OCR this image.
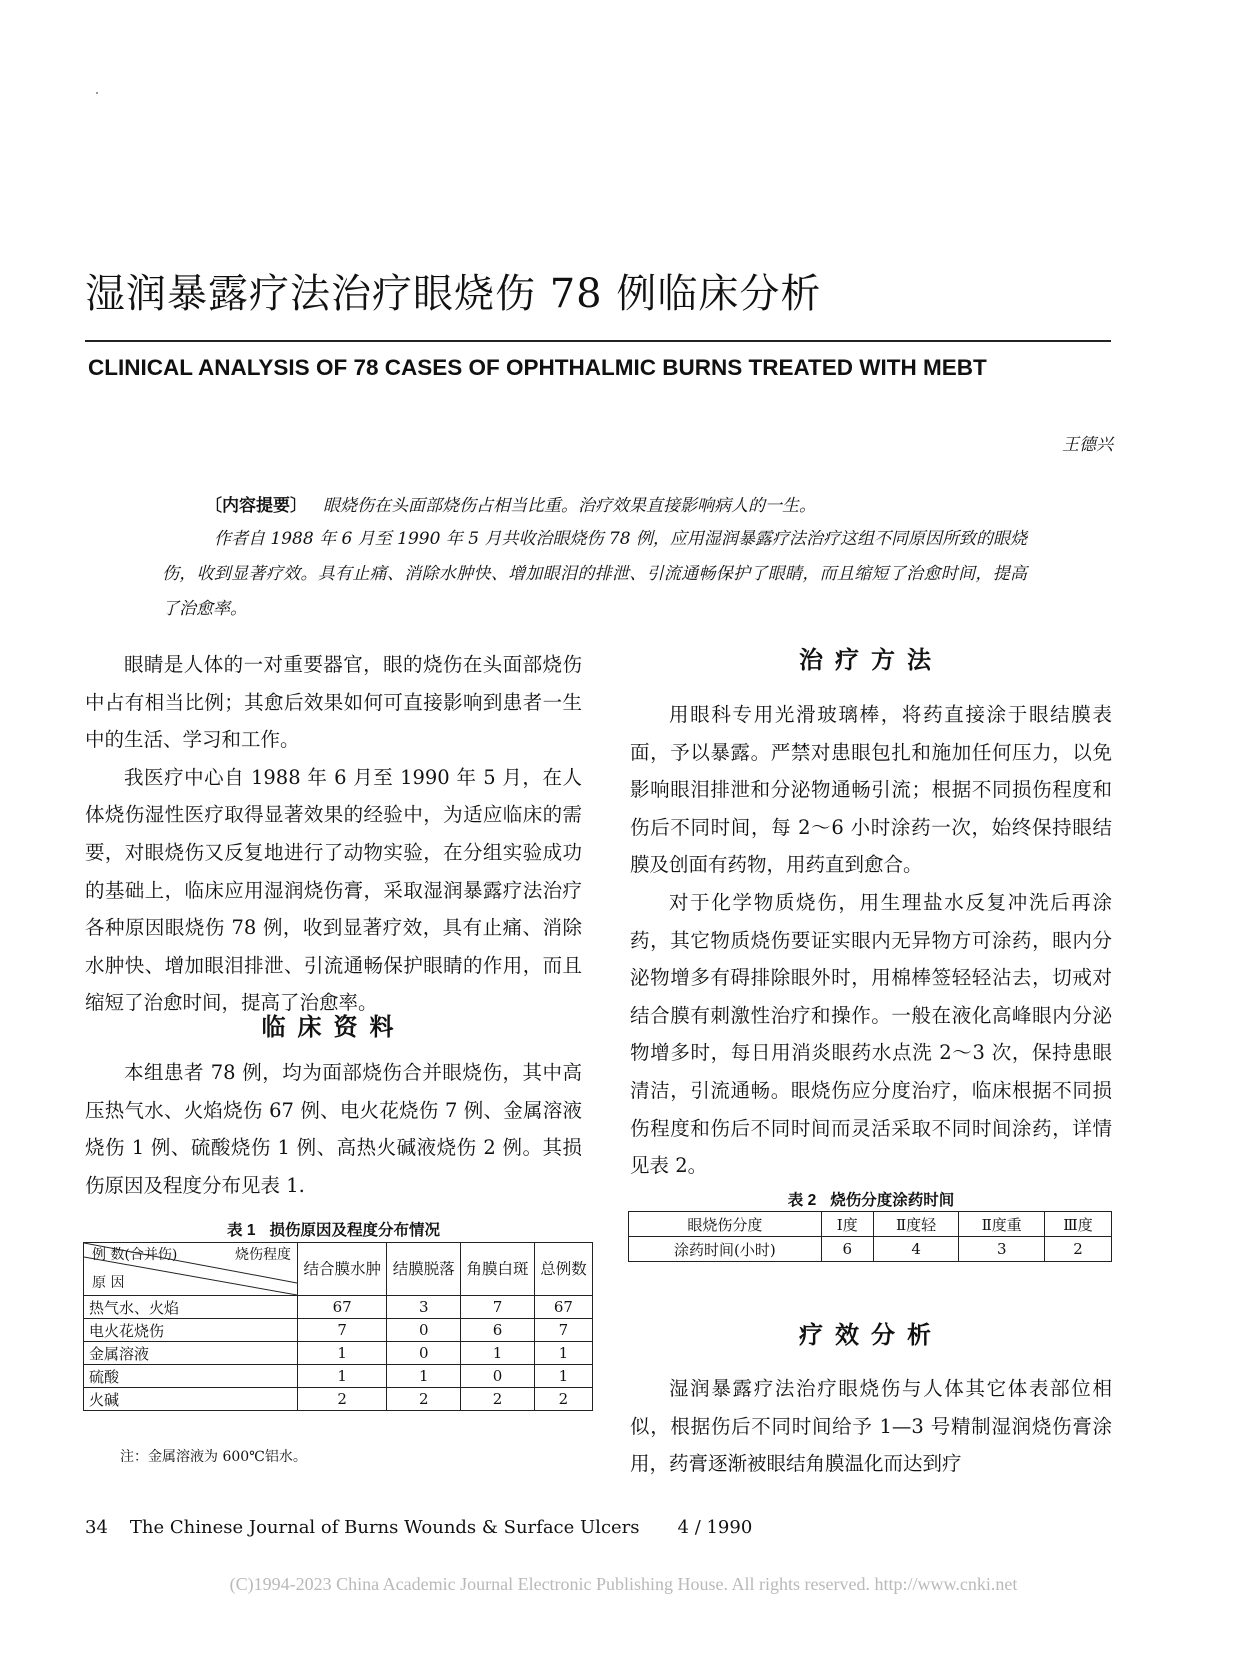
湿润暴露疗法治疗眼烧伤 78 例临床分析
CLINICAL ANALYSIS OF 78 CASES OF OPHTHALMIC BURNS TREATED WITH MEBT
王德兴
〔内容提要〕 眼烧伤在头面部烧伤占相当比重。治疗效果直接影响病人的一生。
作者自 1988 年 6 月至 1990 年 5 月共收治眼烧伤 78 例，应用湿润暴露疗法治疗这组不同原因所致的眼烧伤，收到显著疗效。具有止痛、消除水肿快、增加眼泪的排泄、引流通畅保护了眼睛，而且缩短了治愈时间，提高了治愈率。

眼睛是人体的一对重要器官，眼的烧伤在头面部烧伤中占有相当比例；其愈后效果如何可直接影响到患者一生中的生活、学习和工作。

我医疗中心自 1988 年 6 月至 1990 年 5 月，在人体烧伤湿性医疗取得显著效果的经验中，为适应临床的需要，对眼烧伤又反复地进行了动物实验，在分组实验成功的基础上，临床应用湿润烧伤膏，采取湿润暴露疗法治疗各种原因眼烧伤 78 例，收到显著疗效，具有止痛、消除水肿快、增加眼泪排泄、引流通畅保护眼睛的作用，而且缩短了治愈时间，提高了治愈率。

临床资料

本组患者 78 例，均为面部烧伤合并眼烧伤，其中高压热气水、火焰烧伤 67 例、电火花烧伤 7 例、金属溶液烧伤 1 例、硫酸烧伤 1 例、高热火碱液烧伤 2 例。其损伤原因及程度分布见表 1.

表 1 损伤原因及程度分布情况
例 数(合并伤) 烧伤程度
原 因	结合膜水肿	结膜脱落	角膜白斑	总例数
热气水、火焰	67	3	7	67
电火花烧伤	7	0	6	7
金属溶液	1	0	1	1
硫酸	1	1	0	1
火碱	2	2	2	2
注：金属溶液为 600℃铝水。
治疗方法

用眼科专用光滑玻璃棒，将药直接涂于眼结膜表面，予以暴露。严禁对患眼包扎和施加任何压力，以免影响眼泪排泄和分泌物通畅引流；根据不同损伤程度和伤后不同时间，每 2～6 小时涂药一次，始终保持眼结膜及创面有药物，用药直到愈合。

对于化学物质烧伤，用生理盐水反复冲洗后再涂药，其它物质烧伤要证实眼内无异物方可涂药，眼内分泌物增多有碍排除眼外时，用棉棒签轻轻沾去，切戒对结合膜有刺激性治疗和操作。一般在液化高峰眼内分泌物增多时，每日用消炎眼药水点洗 2～3 次，保持患眼清洁，引流通畅。眼烧伤应分度治疗，临床根据不同损伤程度和伤后不同时间而灵活采取不同时间涂药，详情见表 2。

表 2 烧伤分度涂药时间
眼烧伤分度	Ⅰ度	Ⅱ度轻	Ⅱ度重	Ⅲ度
涂药时间(小时)	6	4	3	2
疗效分析

湿润暴露疗法治疗眼烧伤与人体其它体表部位相似，根据伤后不同时间给予 1—3 号精制湿润烧伤膏涂用，药膏逐渐被眼结角膜温化而达到疗

34 The Chinese Journal of Burns Wounds & Surface Ulcers 4 / 1990
(C)1994-2023 China Academic Journal Electronic Publishing House. All rights reserved. http://www.cnki.net
